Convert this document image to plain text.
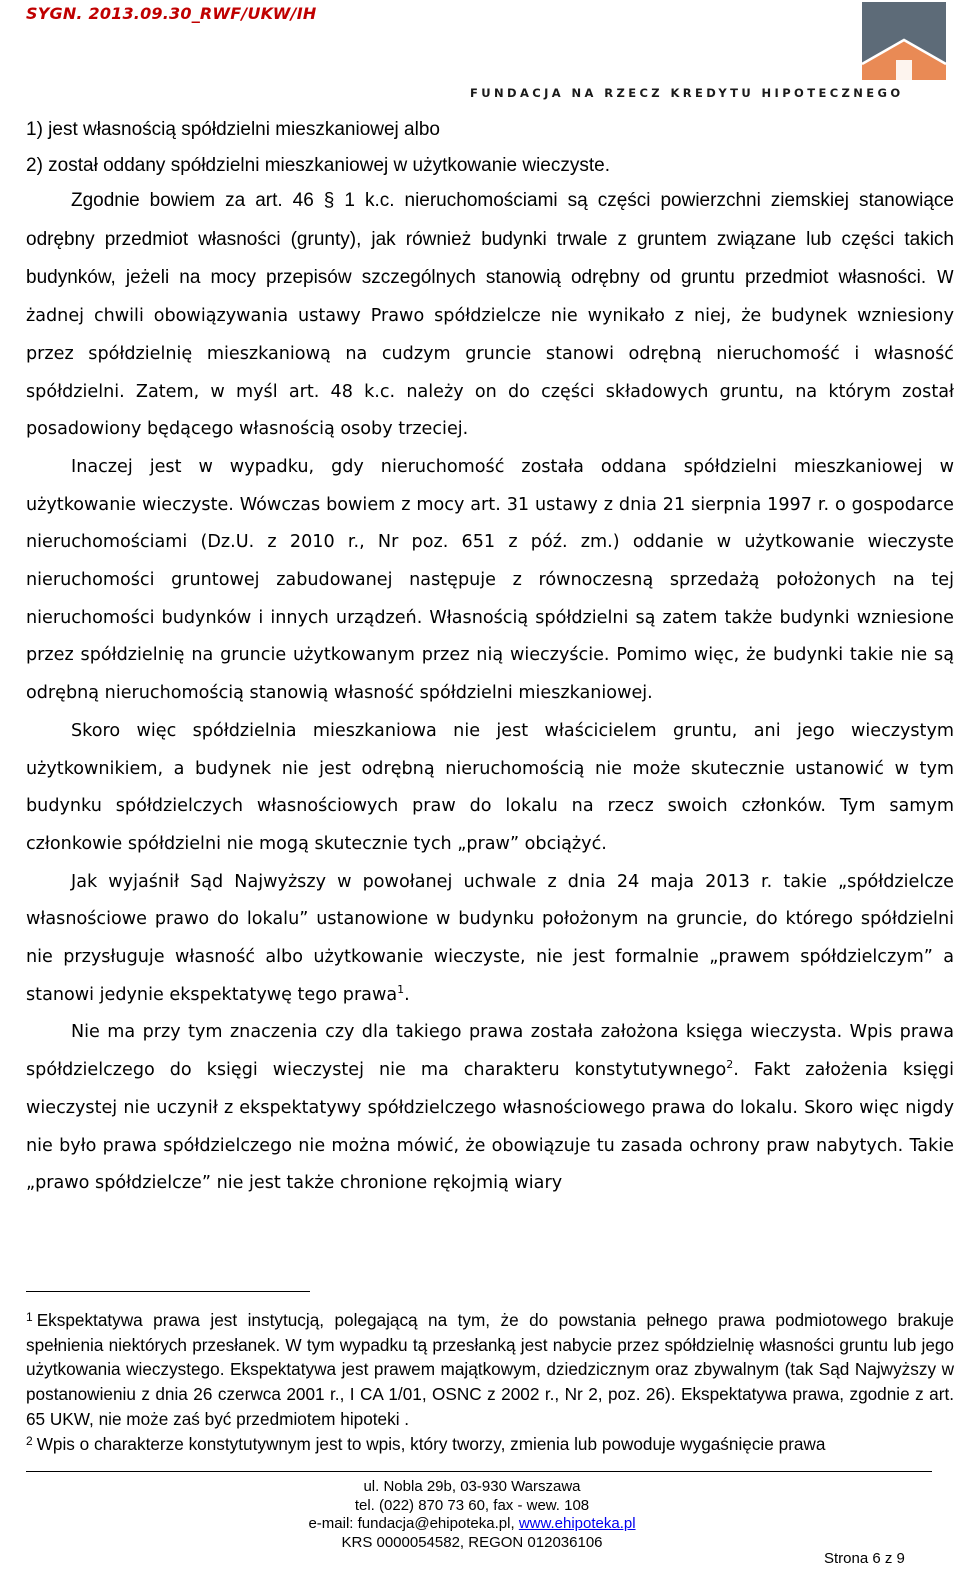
SYGN. 2013.09.30_RWF/UKW/IH
FUNDACJA NA RZECZ KREDYTU HIPOTECZNEGO
1) jest własnością spółdzielni mieszkaniowej albo
2) został oddany spółdzielni mieszkaniowej w użytkowanie wieczyste.

Zgodnie bowiem za art. 46 § 1 k.c. nieruchomościami są części powierzchni ziemskiej stanowiące odrębny przedmiot własności (grunty), jak również budynki trwale z gruntem związane lub części takich budynków, jeżeli na mocy przepisów szczególnych stanowią odrębny od gruntu przedmiot własności. W żadnej chwili obowiązywania ustawy Prawo spółdzielcze nie wynikało z niej, że budynek wzniesiony przez spółdzielnię mieszkaniową na cudzym gruncie stanowi odrębną nieruchomość i własność spółdzielni. Zatem, w myśl art. 48 k.c. należy on do części składowych gruntu, na którym został posadowiony będącego własnością osoby trzeciej.

Inaczej jest w wypadku, gdy nieruchomość została oddana spółdzielni mieszkaniowej w użytkowanie wieczyste. Wówczas bowiem z mocy art. 31 ustawy z dnia 21 sierpnia 1997 r. o gospodarce nieruchomościami (Dz.U. z 2010 r., Nr poz. 651 z póź. zm.) oddanie w użytkowanie wieczyste nieruchomości gruntowej zabudowanej następuje z równoczesną sprzedażą położonych na tej nieruchomości budynków i innych urządzeń. Własnością spółdzielni są zatem także budynki wzniesione przez spółdzielnię na gruncie użytkowanym przez nią wieczyście. Pomimo więc, że budynki takie nie są odrębną nieruchomością stanowią własność spółdzielni mieszkaniowej.

Skoro więc spółdzielnia mieszkaniowa nie jest właścicielem gruntu, ani jego wieczystym użytkownikiem, a budynek nie jest odrębną nieruchomością nie może skutecznie ustanowić w tym budynku spółdzielczych własnościowych praw do lokalu na rzecz swoich członków. Tym samym członkowie spółdzielni nie mogą skutecznie tych „praw” obciążyć.

Jak wyjaśnił Sąd Najwyższy w powołanej uchwale z dnia 24 maja 2013 r. takie „spółdzielcze własnościowe prawo do lokalu” ustanowione w budynku położonym na gruncie, do którego spółdzielni nie przysługuje własność albo użytkowanie wieczyste, nie jest formalnie „prawem spółdzielczym” a stanowi jedynie ekspektatywę tego prawa$^1$.

Nie ma przy tym znaczenia czy dla takiego prawa została założona księga wieczysta. Wpis prawa spółdzielczego do księgi wieczystej nie ma charakteru konstytutywnego$^2$. Fakt założenia księgi wieczystej nie uczynił z ekspektatywy spółdzielczego własnościowego prawa do lokalu. Skoro więc nigdy nie było prawa spółdzielczego nie można mówić, że obowiązuje tu zasada ochrony praw nabytych. Takie „prawo spółdzielcze” nie jest także chronione rękojmią wiary

$^1$ Ekspektatywa prawa jest instytucją, polegającą na tym, że do powstania pełnego prawa podmiotowego brakuje spełnienia niektórych przesłanek. W tym wypadku tą przesłanką jest nabycie przez spółdzielnię własności gruntu lub jego użytkowania wieczystego. Ekspektatywa jest prawem majątkowym, dziedzicznym oraz zbywalnym (tak Sąd Najwyższy w postanowieniu z dnia 26 czerwca 2001 r., I CA 1/01, OSNC z 2002 r., Nr 2, poz. 26). Ekspektatywa prawa, zgodnie z art. 65 UKW, nie może zaś być przedmiotem hipoteki .

$^2$ Wpis o charakterze konstytutywnym jest to wpis, który tworzy, zmienia lub powoduje wygaśnięcie prawa

ul. Nobla 29b, 03-930 Warszawa
tel. (022) 870 73 60, fax - wew. 108
e-mail: fundacja@ehipoteka.pl, www.ehipoteka.pl
KRS 0000054582, REGON 012036106
Strona 6 z 9
